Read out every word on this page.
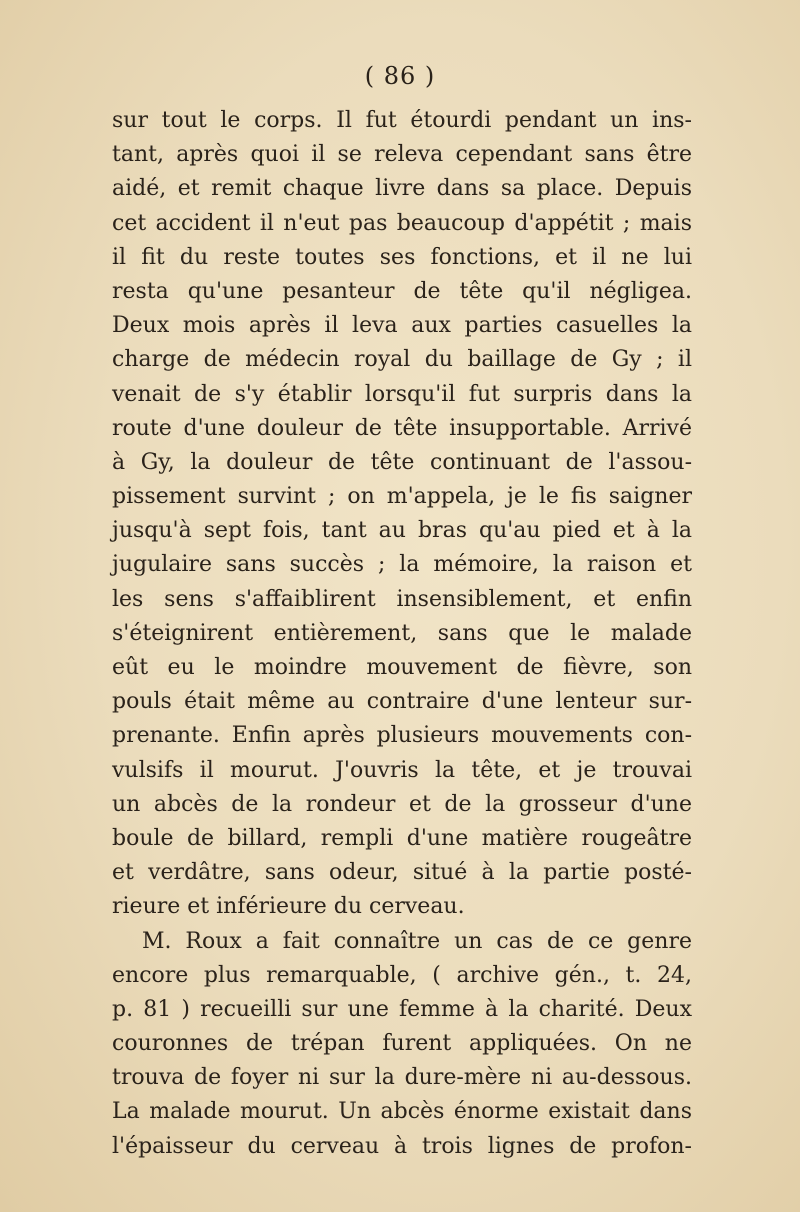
( 86 )
sur tout le corps. Il fut étourdi pendant un ins-
tant, après quoi il se releva cependant sans être
aidé, et remit chaque livre dans sa place. Depuis
cet accident il n'eut pas beaucoup d'appétit ; mais
il fit du reste toutes ses fonctions, et il ne lui
resta qu'une pesanteur de tête qu'il négligea.
Deux mois après il leva aux parties casuelles la
charge de médecin royal du baillage de Gy ; il
venait de s'y établir lorsqu'il fut surpris dans la
route d'une douleur de tête insupportable. Arrivé
à Gy, la douleur de tête continuant de l'assou-
pissement survint ; on m'appela, je le fis saigner
jusqu'à sept fois, tant au bras qu'au pied et à la
jugulaire sans succès ; la mémoire, la raison et
les sens s'affaiblirent insensiblement, et enfin
s'éteignirent entièrement, sans que le malade
eût eu le moindre mouvement de fièvre, son
pouls était même au contraire d'une lenteur sur-
prenante. Enfin après plusieurs mouvements con-
vulsifs il mourut. J'ouvris la tête, et je trouvai
un abcès de la rondeur et de la grosseur d'une
boule de billard, rempli d'une matière rougeâtre
et verdâtre, sans odeur, situé à la partie posté-
rieure et inférieure du cerveau.
M. Roux a fait connaître un cas de ce genre
encore plus remarquable, ( archive gén., t. 24,
p. 81 ) recueilli sur une femme à la charité. Deux
couronnes de trépan furent appliquées. On ne
trouva de foyer ni sur la dure-mère ni au-dessous.
La malade mourut. Un abcès énorme existait dans
l'épaisseur du cerveau à trois lignes de profon-
